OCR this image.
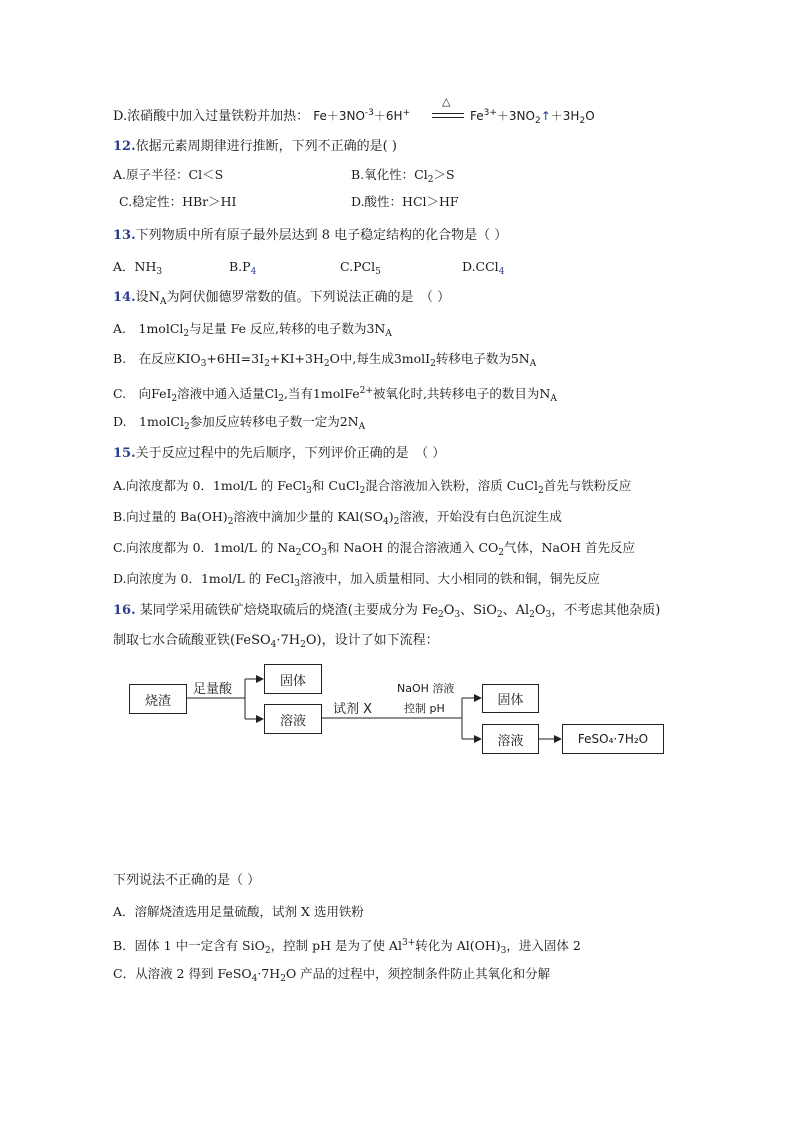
D.浓硝酸中加入过量铁粉并加热： $Fe+3NO^{-3}+6H^+$
△
$Fe^{3+}+3NO_2↑+3H_2O$
12.依据元素周期律进行推断，下列不正确的是( )
A.原子半径：Cl＜S	B.氧化性：$Cl_2>S$
C.稳定性：HBr＞HI	D.酸性：HCl＞HF
13.下列物质中所有原子最外层达到 8 电子稳定结构的化合物是（ ）
A．$NH_3$	$B.P_4$	C.PCl$_5$	D.CCl$_4$
14.设$N_A$为阿伏伽德罗常数的值。下列说法正确的是　（ ）
A.　1molCl$_2$与足量 Fe 反应,转移的电子数为$3N_A$
B.　在反应$KIO_3+6HI=3I_2+KI+3H_2O$中,每生成3molI$_2$转移电子数为$5N_A$
C.　向FeI$_2$溶液中通入适量$Cl_2$,当有1molFe$^{2+}$被氧化时,共转移电子的数目为$N_A$
D.　1molCl$_2$参加反应转移电子数一定为$2N_A$
15.关于反应过程中的先后顺序，下列评价正确的是　（ ）
A.向浓度都为 0．1mol/L 的 FeCl$_3$和 CuCl$_2$混合溶液加入铁粉，溶质 CuCl$_2$首先与铁粉反应
B.向过量的 $Ba(OH)_2$溶液中滴加少量的 $KAl(SO_4)_2$溶液，开始没有白色沉淀生成
C.向浓度都为 0．1mol/L 的 $Na_2CO_3$和 NaOH 的混合溶液通入 $CO_2$气体，NaOH 首先反应
D.向浓度为 0．1mol/L 的 FeCl$_3$溶液中，加入质量相同、大小相同的铁和铜，铜先反应
16. 某同学采用硫铁矿焙烧取硫后的烧渣(主要成分为 $Fe_2O_3$、SiO$_2$、$Al_2O_3$，不考虑其他杂质)
制取七水合硫酸亚铁$(FeSO_4\cdot 7H_2O)$，设计了如下流程：
烧渣
足量酸
固体
溶液
试剂 X
NaOH 溶液
控制 pH
固体
溶液	FeSO₄·7H₂O
下列说法不正确的是（ ）
A．溶解烧渣选用足量硫酸，试剂 X 选用铁粉
B．固体 1 中一定含有 SiO$_2$，控制 pH 是为了使 $Al^{3+}$转化为 $Al(OH)_3$，进入固体 2
C．从溶液 2 得到 $FeSO_4\cdot 7H_2O$ 产品的过程中，须控制条件防止其氧化和分解
